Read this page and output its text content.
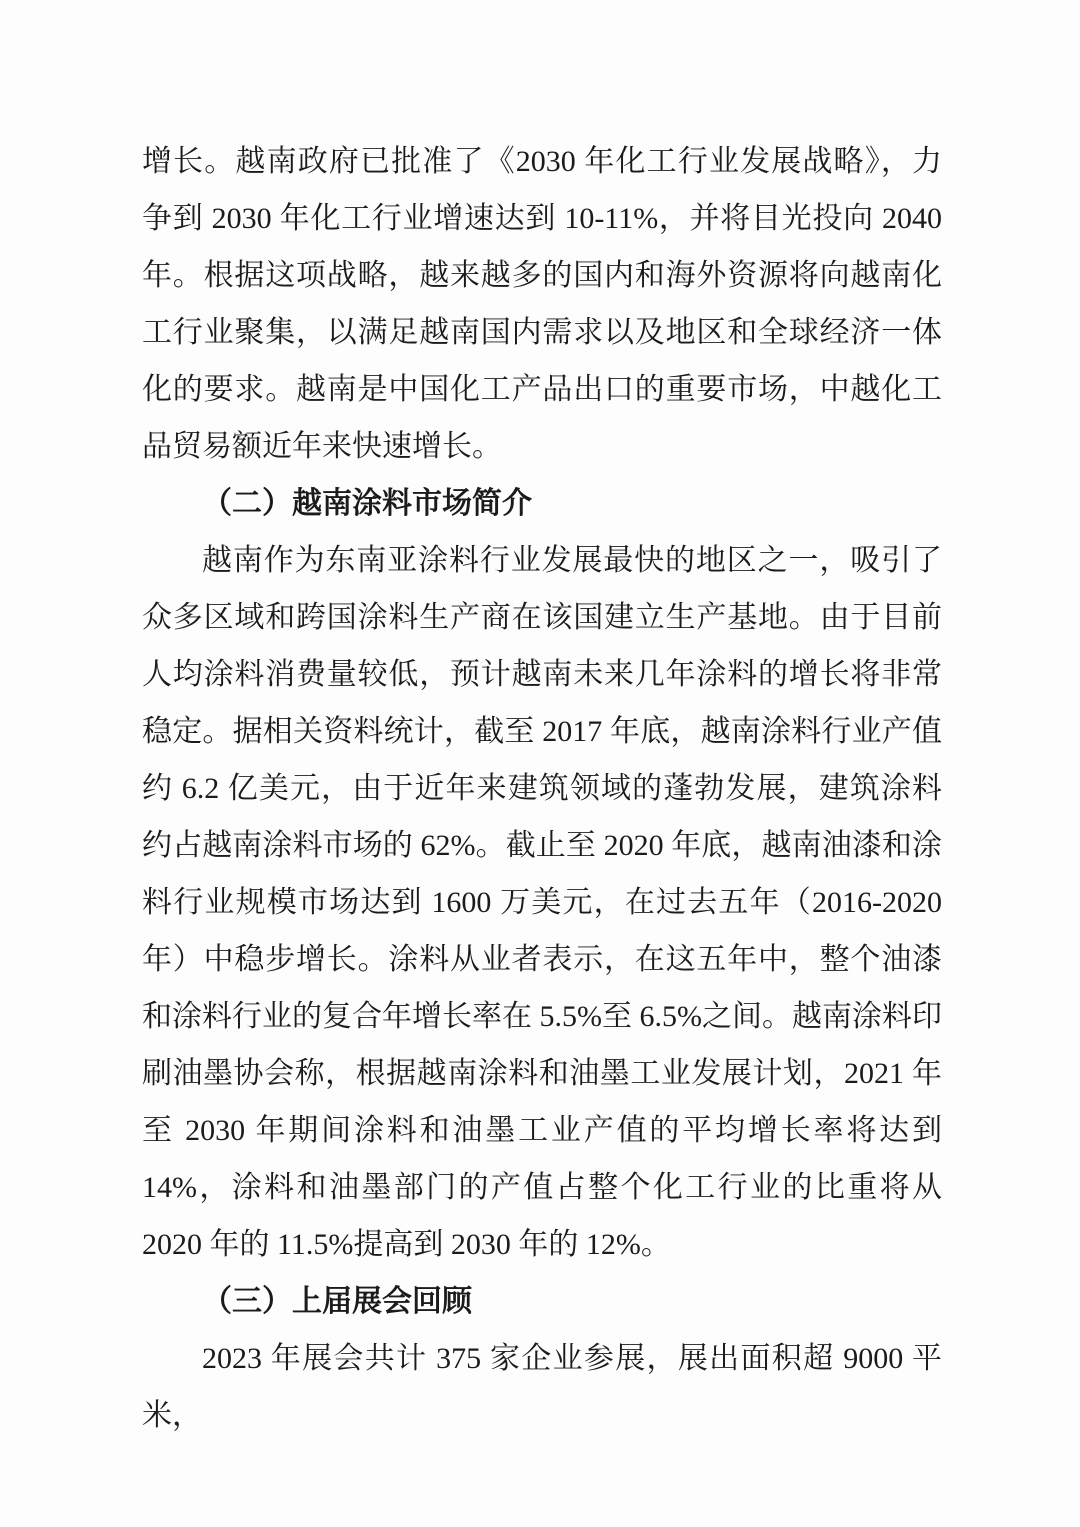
增长。越南政府已批准了《2030 年化工行业发展战略》，力争到 2030 年化工行业增速达到 10-11%，并将目光投向 2040 年。根据这项战略，越来越多的国内和海外资源将向越南化工行业聚集，以满足越南国内需求以及地区和全球经济一体化的要求。越南是中国化工产品出口的重要市场，中越化工品贸易额近年来快速增长。

（二）越南涂料市场简介

越南作为东南亚涂料行业发展最快的地区之一，吸引了众多区域和跨国涂料生产商在该国建立生产基地。由于目前人均涂料消费量较低，预计越南未来几年涂料的增长将非常稳定。据相关资料统计，截至 2017 年底，越南涂料行业产值约 6.2 亿美元，由于近年来建筑领域的蓬勃发展，建筑涂料约占越南涂料市场的 62%。截止至 2020 年底，越南油漆和涂料行业规模市场达到 1600 万美元，在过去五年（2016-2020 年）中稳步增长。涂料从业者表示，在这五年中，整个油漆和涂料行业的复合年增长率在 5.5%至 6.5%之间。越南涂料印刷油墨协会称，根据越南涂料和油墨工业发展计划，2021 年至 2030 年期间涂料和油墨工业产值的平均增长率将达到 14%，涂料和油墨部门的产值占整个化工行业的比重将从 2020 年的 11.5%提高到 2030 年的 12%。

（三）上届展会回顾

2023 年展会共计 375 家企业参展，展出面积超 9000 平米，
